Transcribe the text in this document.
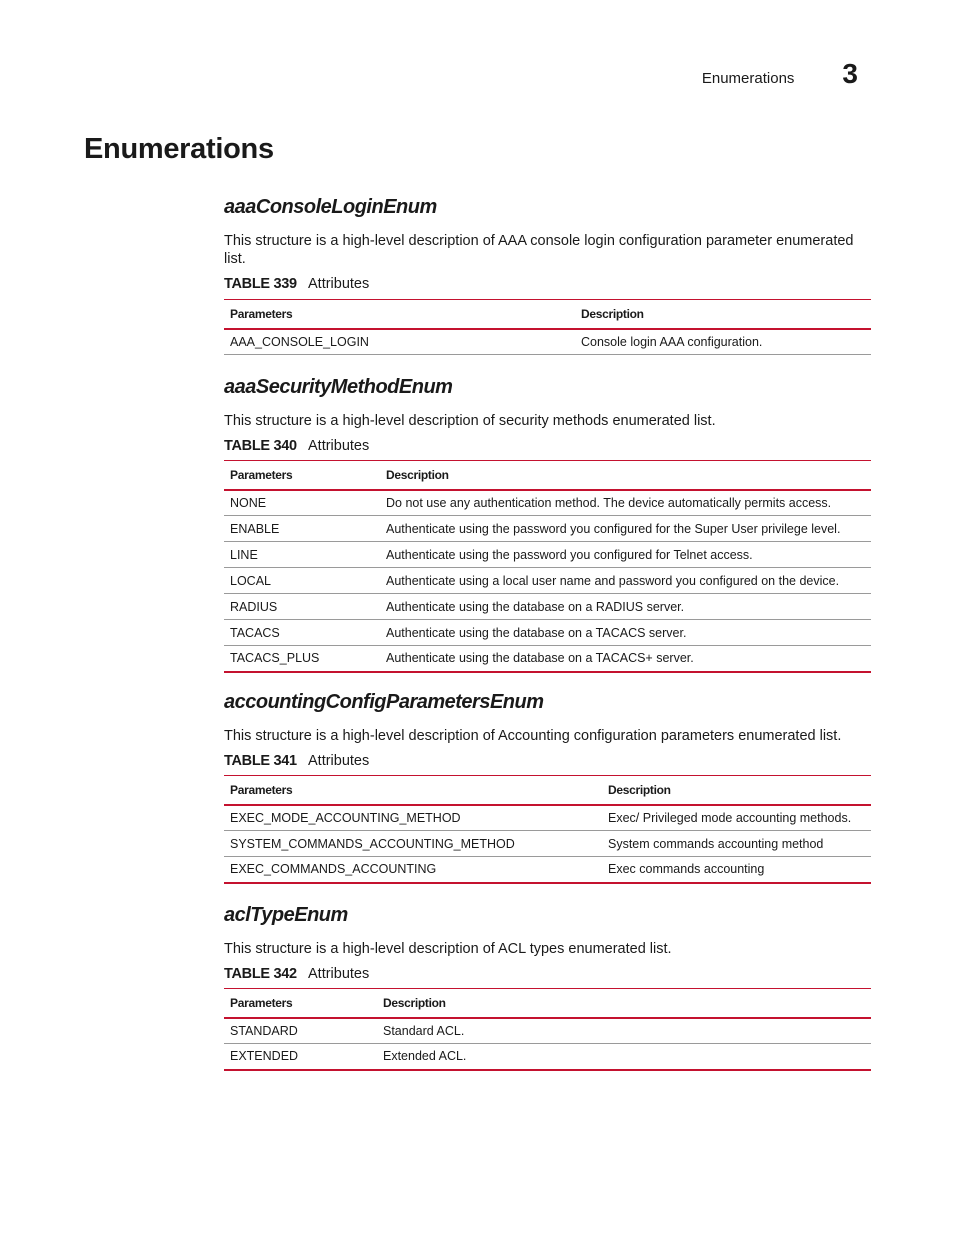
Enumerations 3
Enumerations
aaaConsoleLoginEnum

This structure is a high-level description of AAA console login configuration parameter enumerated list.

TABLE 339 Attributes
Parameters	Description
AAA_CONSOLE_LOGIN	Console login AAA configuration.
aaaSecurityMethodEnum

This structure is a high-level description of security methods enumerated list.

TABLE 340 Attributes
Parameters	Description
NONE	Do not use any authentication method. The device automatically permits access.
ENABLE	Authenticate using the password you configured for the Super User privilege level.
LINE	Authenticate using the password you configured for Telnet access.
LOCAL	Authenticate using a local user name and password you configured on the device.
RADIUS	Authenticate using the database on a RADIUS server.
TACACS	Authenticate using the database on a TACACS server.
TACACS_PLUS	Authenticate using the database on a TACACS+ server.
accountingConfigParametersEnum

This structure is a high-level description of Accounting configuration parameters enumerated list.

TABLE 341 Attributes
Parameters	Description
EXEC_MODE_ACCOUNTING_METHOD	Exec/ Privileged mode accounting methods.
SYSTEM_COMMANDS_ACCOUNTING_METHOD	System commands accounting method
EXEC_COMMANDS_ACCOUNTING	Exec commands accounting
aclTypeEnum

This structure is a high-level description of ACL types enumerated list.

TABLE 342 Attributes
Parameters	Description
STANDARD	Standard ACL.
EXTENDED	Extended ACL.
